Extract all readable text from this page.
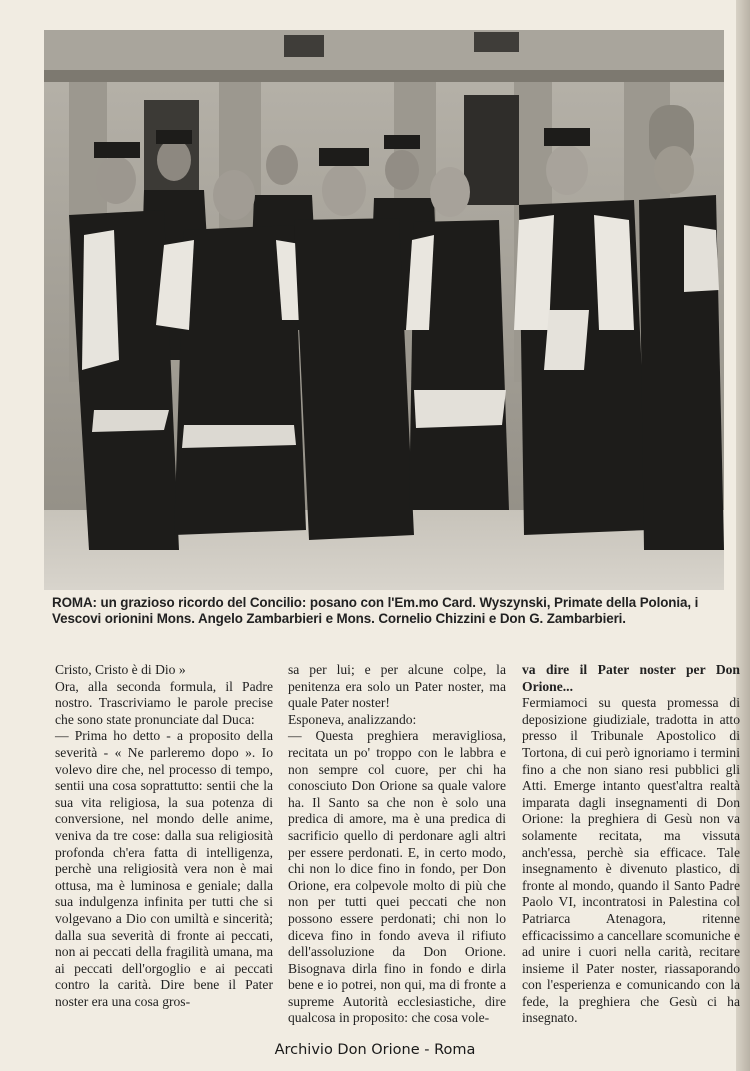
ROMA: un grazioso ricordo del Concilio: posano con l'Em.mo Card. Wyszynski, Primate della Polonia, i Vescovi orionini Mons. Angelo Zambarbieri e Mons. Cornelio Chizzini e Don G. Zambarbieri.

Cristo, Cristo è di Dio »

Ora, alla seconda formula, il Padre nostro. Trascriviamo le parole precise che sono state pronunciate dal Duca:

— Prima ho detto - a proposito della severità - « Ne parleremo dopo ». Io volevo dire che, nel processo di tempo, sentii una cosa soprattutto: sentii che la sua vita religiosa, la sua potenza di conversione, nel mondo delle anime, veniva da tre cose: dalla sua religiosità profonda ch'era fatta di intelligenza, perchè una religiosità vera non è mai ottusa, ma è luminosa e geniale; dalla sua indulgenza infinita per tutti che si volgevano a Dio con umiltà e sincerità; dalla sua severità di fronte ai peccati, non ai peccati della fragilità umana, ma ai peccati dell'orgoglio e ai peccati contro la carità. Dire bene il Pater noster era una cosa gros-

sa per lui; e per alcune colpe, la penitenza era solo un Pater noster, ma quale Pater noster!

Esponeva, analizzando:

— Questa preghiera meravigliosa, recitata un po' troppo con le labbra e non sempre col cuore, per chi ha conosciuto Don Orione sa quale valore ha. Il Santo sa che non è solo una predica di amore, ma è una predica di sacrificio quello di perdonare agli altri per essere perdonati. E, in certo modo, chi non lo dice fino in fondo, per Don Orione, era colpevole molto di più che non per tutti quei peccati che non possono essere perdonati; chi non lo diceva fino in fondo aveva il rifiuto dell'assoluzione da Don Orione. Bisognava dirla fino in fondo e dirla bene e io potrei, non qui, ma di fronte a supreme Autorità ecclesiastiche, dire qualcosa in proposito: che cosa vole-

va dire il Pater noster per Don Orione...

Fermiamoci su questa promessa di deposizione giudiziale, tradotta in atto presso il Tribunale Apostolico di Tortona, di cui però ignoriamo i termini fino a che non siano resi pubblici gli Atti. Emerge intanto quest'altra realtà imparata dagli insegnamenti di Don Orione: la preghiera di Gesù non va solamente recitata, ma vissuta anch'essa, perchè sia efficace. Tale insegnamento è divenuto plastico, di fronte al mondo, quando il Santo Padre Paolo VI, incontratosi in Palestina col Patriarca Atenagora, ritenne efficacissimo a cancellare scomuniche e ad unire i cuori nella carità, recitare insieme il Pater noster, riassaporando con l'esperienza e comunicando con la fede, la preghiera che Gesù ci ha insegnato.

Archivio Don Orione - Roma
